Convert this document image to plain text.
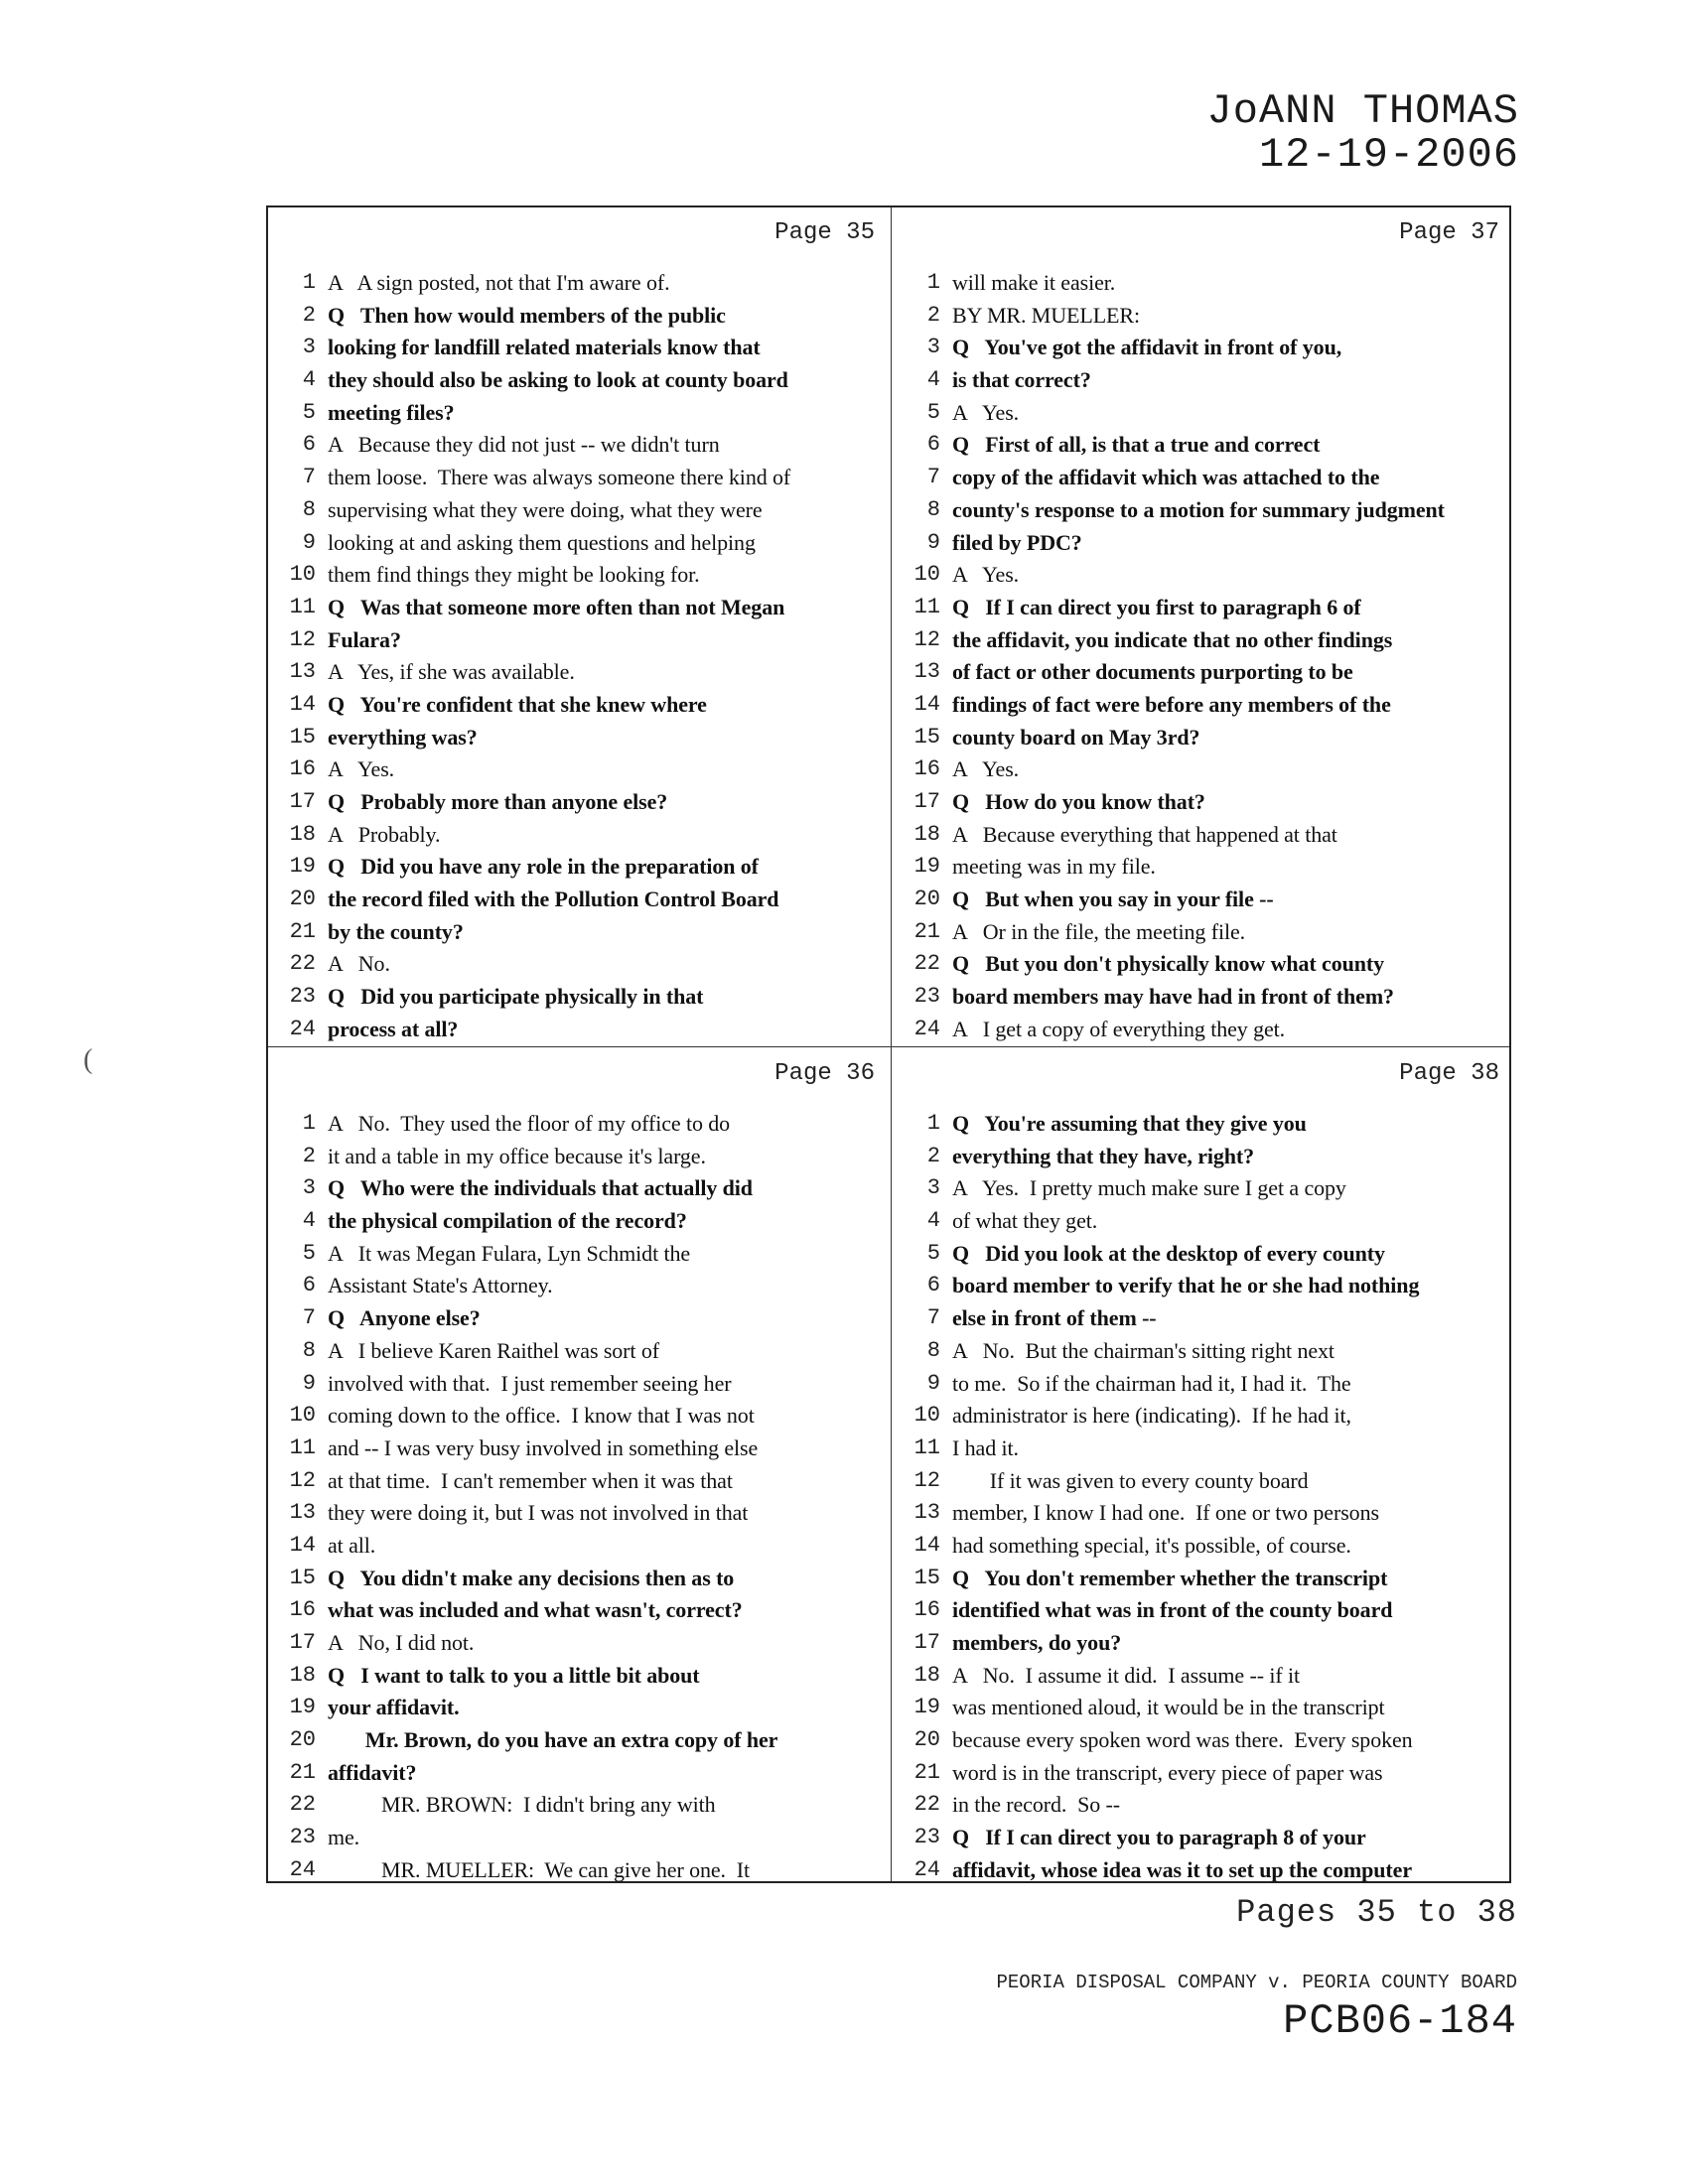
JoANN THOMAS
12-19-2006
(
Page 35
1 A   A sign posted, not that I'm aware of.
2 Q   Then how would members of the public
3 looking for landfill related materials know that
4 they should also be asking to look at county board
5 meeting files?
6 A   Because they did not just -- we didn't turn
7 them loose.  There was always someone there kind of
8 supervising what they were doing, what they were
9 looking at and asking them questions and helping
10 them find things they might be looking for.
11 Q   Was that someone more often than not Megan
12 Fulara?
13 A   Yes, if she was available.
14 Q   You're confident that she knew where
15 everything was?
16 A   Yes.
17 Q   Probably more than anyone else?
18 A   Probably.
19 Q   Did you have any role in the preparation of
20 the record filed with the Pollution Control Board
21 by the county?
22 A   No.
23 Q   Did you participate physically in that
24 process at all?
Page 37
1 will make it easier.
2 BY MR. MUELLER:
3 Q   You've got the affidavit in front of you,
4 is that correct?
5 A   Yes.
6 Q   First of all, is that a true and correct
7 copy of the affidavit which was attached to the
8 county's response to a motion for summary judgment
9 filed by PDC?
10 A   Yes.
11 Q   If I can direct you first to paragraph 6 of
12 the affidavit, you indicate that no other findings
13 of fact or other documents purporting to be
14 findings of fact were before any members of the
15 county board on May 3rd?
16 A   Yes.
17 Q   How do you know that?
18 A   Because everything that happened at that
19 meeting was in my file.
20 Q   But when you say in your file --
21 A   Or in the file, the meeting file.
22 Q   But you don't physically know what county
23 board members may have had in front of them?
24 A   I get a copy of everything they get.
Page 36
1 A   No.  They used the floor of my office to do
2 it and a table in my office because it's large.
3 Q   Who were the individuals that actually did
4 the physical compilation of the record?
5 A   It was Megan Fulara, Lyn Schmidt the
6 Assistant State's Attorney.
7 Q   Anyone else?
8 A   I believe Karen Raithel was sort of
9 involved with that.  I just remember seeing her
10 coming down to the office.  I know that I was not
11 and -- I was very busy involved in something else
12 at that time.  I can't remember when it was that
13 they were doing it, but I was not involved in that
14 at all.
15 Q   You didn't make any decisions then as to
16 what was included and what wasn't, correct?
17 A   No, I did not.
18 Q   I want to talk to you a little bit about
19 your affidavit.
20 Mr. Brown, do you have an extra copy of her
21 affidavit?
22 MR. BROWN:  I didn't bring any with
23 me.
24 MR. MUELLER:  We can give her one.  It
Page 38
1 Q   You're assuming that they give you
2 everything that they have, right?
3 A   Yes.  I pretty much make sure I get a copy
4 of what they get.
5 Q   Did you look at the desktop of every county
6 board member to verify that he or she had nothing
7 else in front of them --
8 A   No.  But the chairman's sitting right next
9 to me.  So if the chairman had it, I had it.  The
10 administrator is here (indicating).  If he had it,
11 I had it.
12 If it was given to every county board
13 member, I know I had one.  If one or two persons
14 had something special, it's possible, of course.
15 Q   You don't remember whether the transcript
16 identified what was in front of the county board
17 members, do you?
18 A   No.  I assume it did.  I assume -- if it
19 was mentioned aloud, it would be in the transcript
20 because every spoken word was there.  Every spoken
21 word is in the transcript, every piece of paper was
22 in the record.  So --
23 Q   If I can direct you to paragraph 8 of your
24 affidavit, whose idea was it to set up the computer
Pages 35 to 38
PEORIA DISPOSAL COMPANY v. PEORIA COUNTY BOARD
PCB06-184
